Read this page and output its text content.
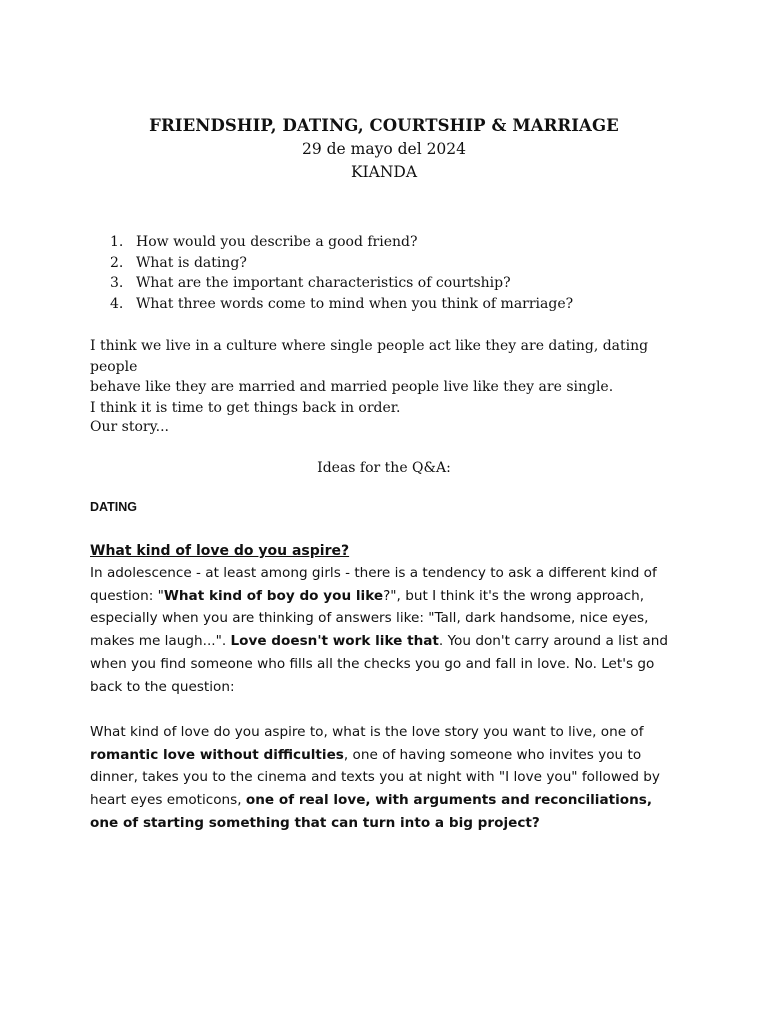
FRIENDSHIP, DATING, COURTSHIP & MARRIAGE
29 de mayo del 2024
KIANDA
1. How would you describe a good friend?
2. What is dating?
3. What are the important characteristics of courtship?
4. What three words come to mind when you think of marriage?
I think we live in a culture where single people act like they are dating, dating people
behave like they are married and married people live like they are single.
I think it is time to get things back in order.
Our story...
Ideas for the Q&A:
DATING
What kind of love do you aspire?
In adolescence - at least among girls - there is a tendency to ask a different kind of question: "What kind of boy do you like?", but I think it's the wrong approach, especially when you are thinking of answers like: "Tall, dark handsome, nice eyes, makes me laugh...". Love doesn't work like that. You don't carry around a list and when you find someone who fills all the checks you go and fall in love. No. Let's go back to the question:
What kind of love do you aspire to, what is the love story you want to live, one of romantic love without difficulties, one of having someone who invites you to dinner, takes you to the cinema and texts you at night with "I love you" followed by heart eyes emoticons, one of real love, with arguments and reconciliations, one of starting something that can turn into a big project?
